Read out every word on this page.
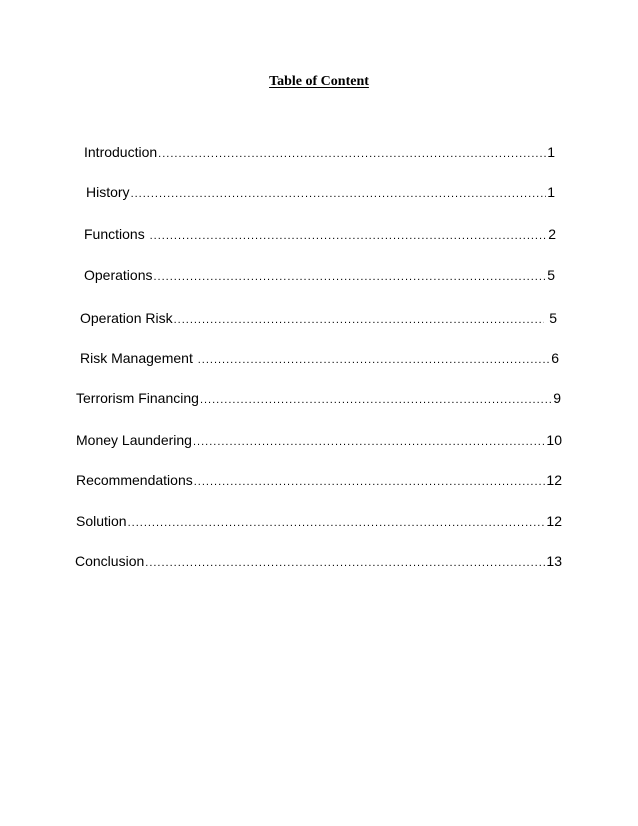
Table of Content
Introduction .....	1
History .....	1
Functions .....	2
Operations .....	5
Operation Risk .....	5
Risk Management .....	6
Terrorism Financing .....	9
Money Laundering .....	10
Recommendations .....	12
Solution .....	12
Conclusion .....	13
